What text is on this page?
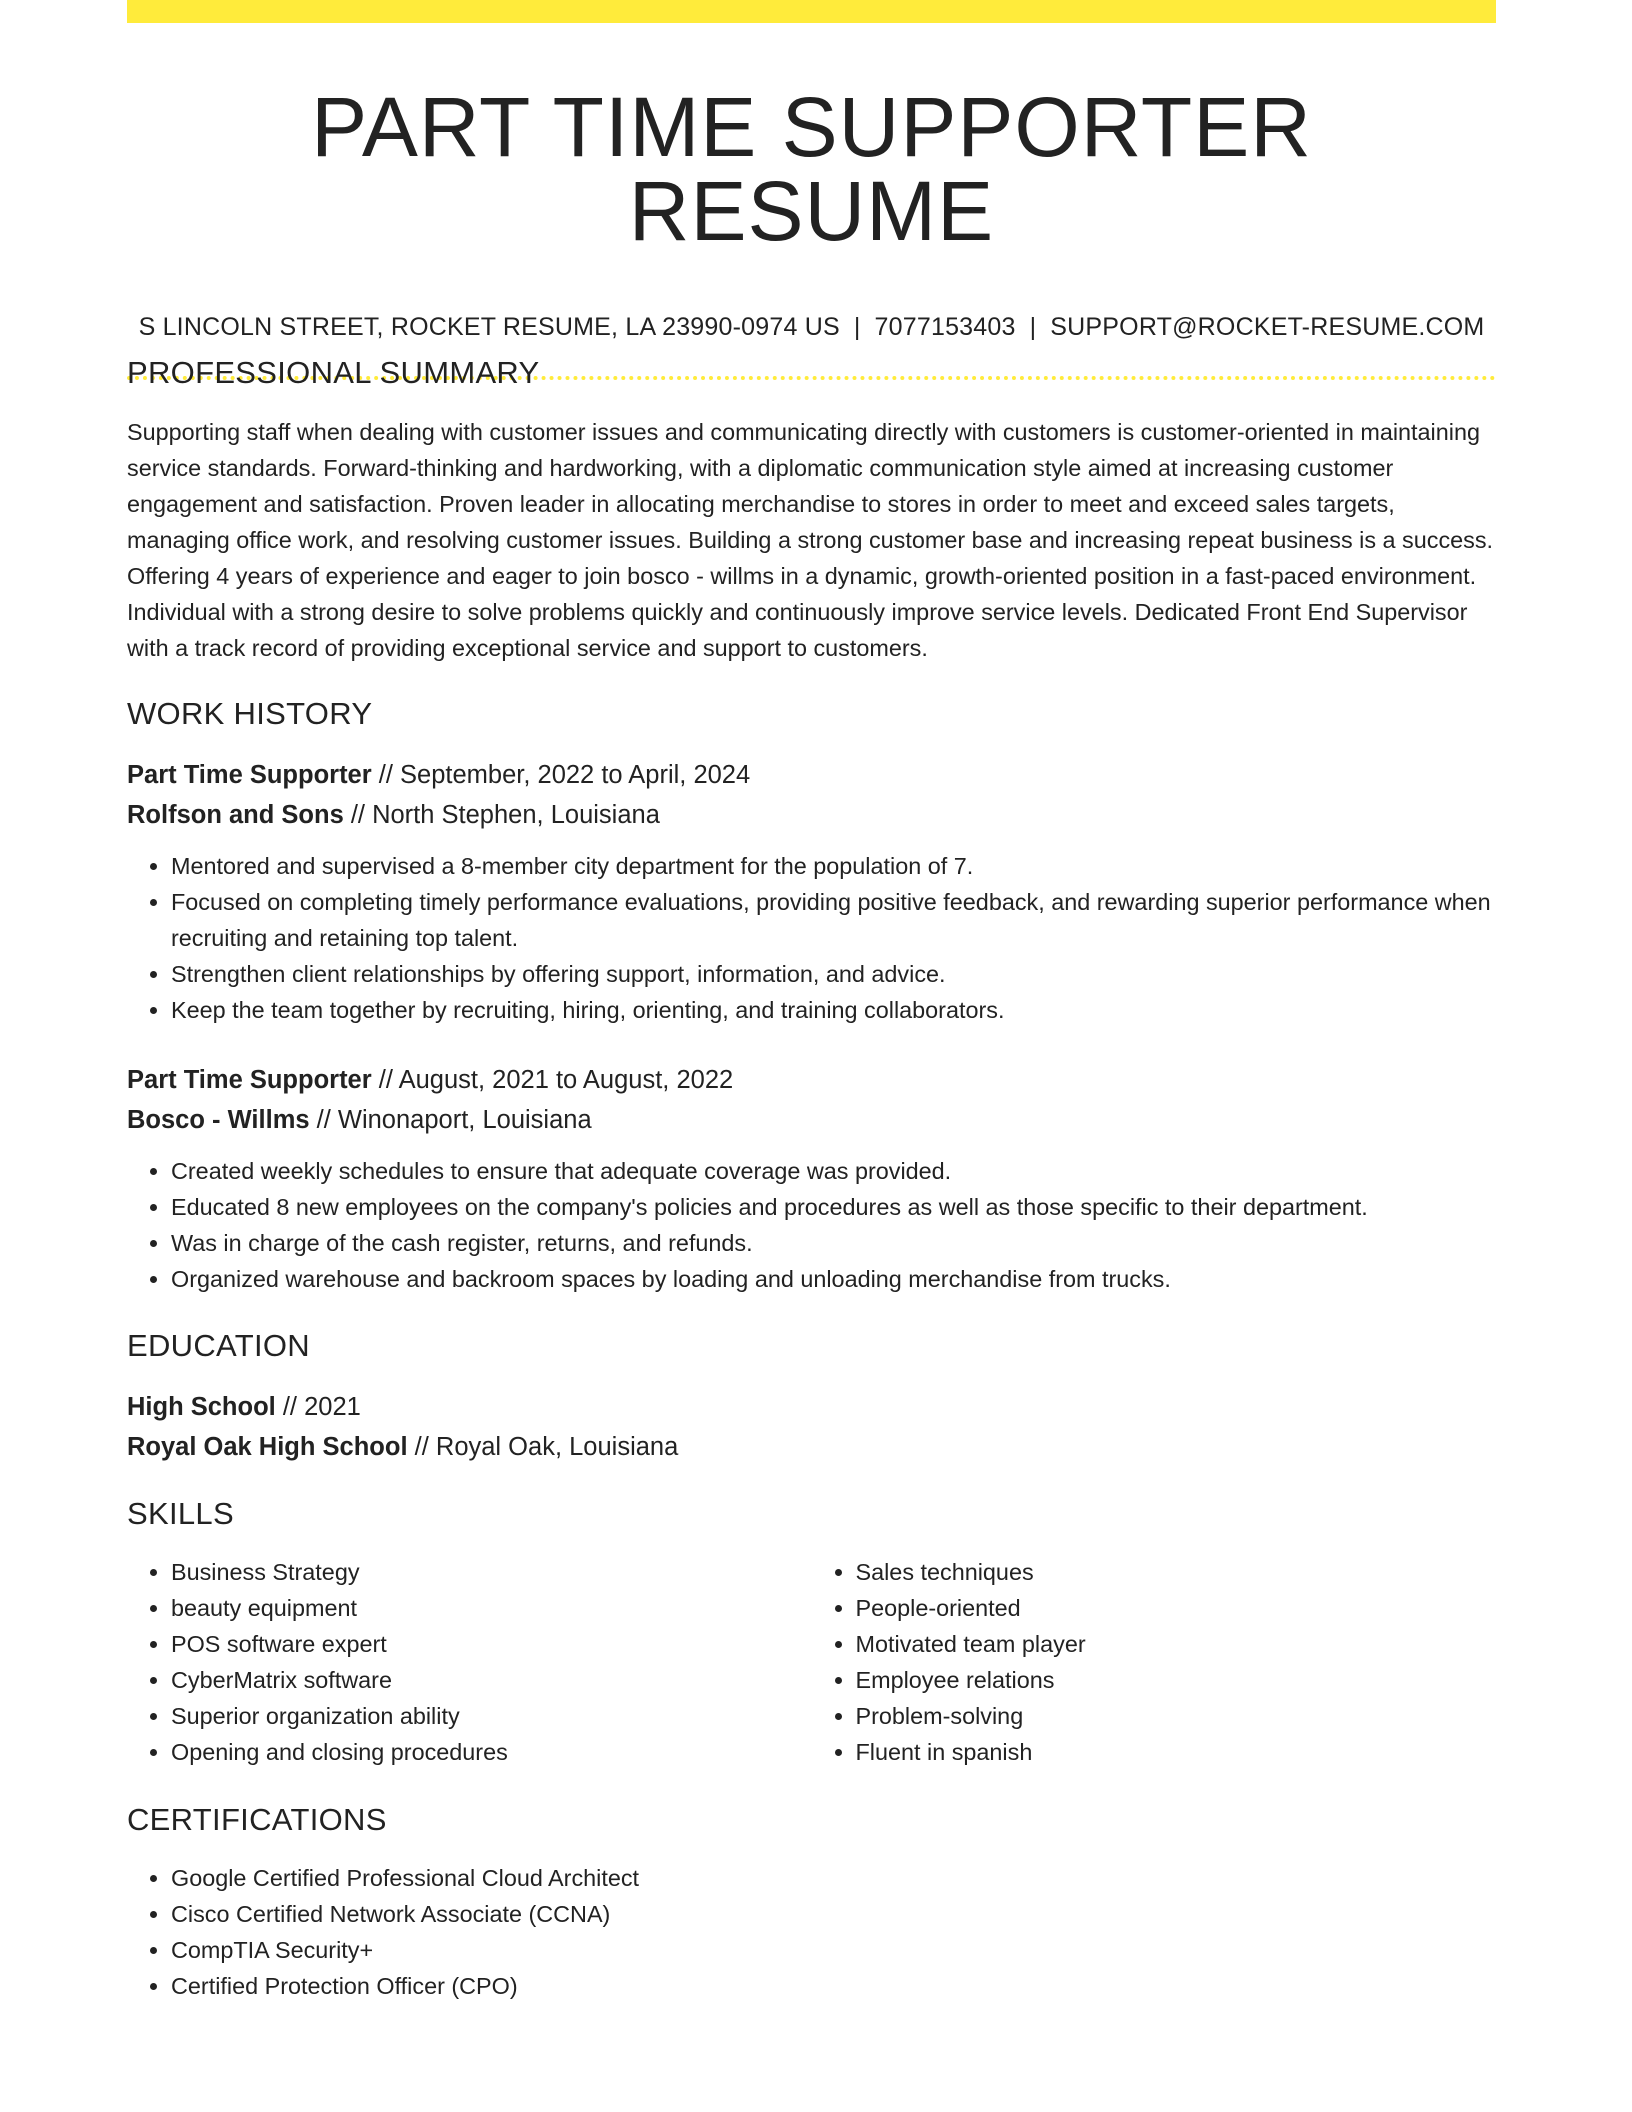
PART TIME SUPPORTER RESUME
S LINCOLN STREET, ROCKET RESUME, LA 23990-0974 US | 7077153403 | SUPPORT@ROCKET-RESUME.COM
PROFESSIONAL SUMMARY

Supporting staff when dealing with customer issues and communicating directly with customers is customer-oriented in maintaining service standards. Forward-thinking and hardworking, with a diplomatic communication style aimed at increasing customer engagement and satisfaction. Proven leader in allocating merchandise to stores in order to meet and exceed sales targets, managing office work, and resolving customer issues. Building a strong customer base and increasing repeat business is a success. Offering 4 years of experience and eager to join bosco - willms in a dynamic, growth-oriented position in a fast-paced environment. Individual with a strong desire to solve problems quickly and continuously improve service levels. Dedicated Front End Supervisor with a track record of providing exceptional service and support to customers.

WORK HISTORY

Part Time Supporter // September, 2022 to April, 2024

Rolfson and Sons // North Stephen, Louisiana

• Mentored and supervised a 8-member city department for the population of 7.
• Focused on completing timely performance evaluations, providing positive feedback, and rewarding superior performance when recruiting and retaining top talent.
• Strengthen client relationships by offering support, information, and advice.
• Keep the team together by recruiting, hiring, orienting, and training collaborators.

Part Time Supporter // August, 2021 to August, 2022

Bosco - Willms // Winonaport, Louisiana

• Created weekly schedules to ensure that adequate coverage was provided.
• Educated 8 new employees on the company's policies and procedures as well as those specific to their department.
• Was in charge of the cash register, returns, and refunds.
• Organized warehouse and backroom spaces by loading and unloading merchandise from trucks.
EDUCATION

High School // 2021

Royal Oak High School // Royal Oak, Louisiana

SKILLS
• Business Strategy
• beauty equipment
• POS software expert
• CyberMatrix software
• Superior organization ability
• Opening and closing procedures
• Sales techniques
• People-oriented
• Motivated team player
• Employee relations
• Problem-solving
• Fluent in spanish
CERTIFICATIONS
• Google Certified Professional Cloud Architect
• Cisco Certified Network Associate (CCNA)
• CompTIA Security+
• Certified Protection Officer (CPO)
